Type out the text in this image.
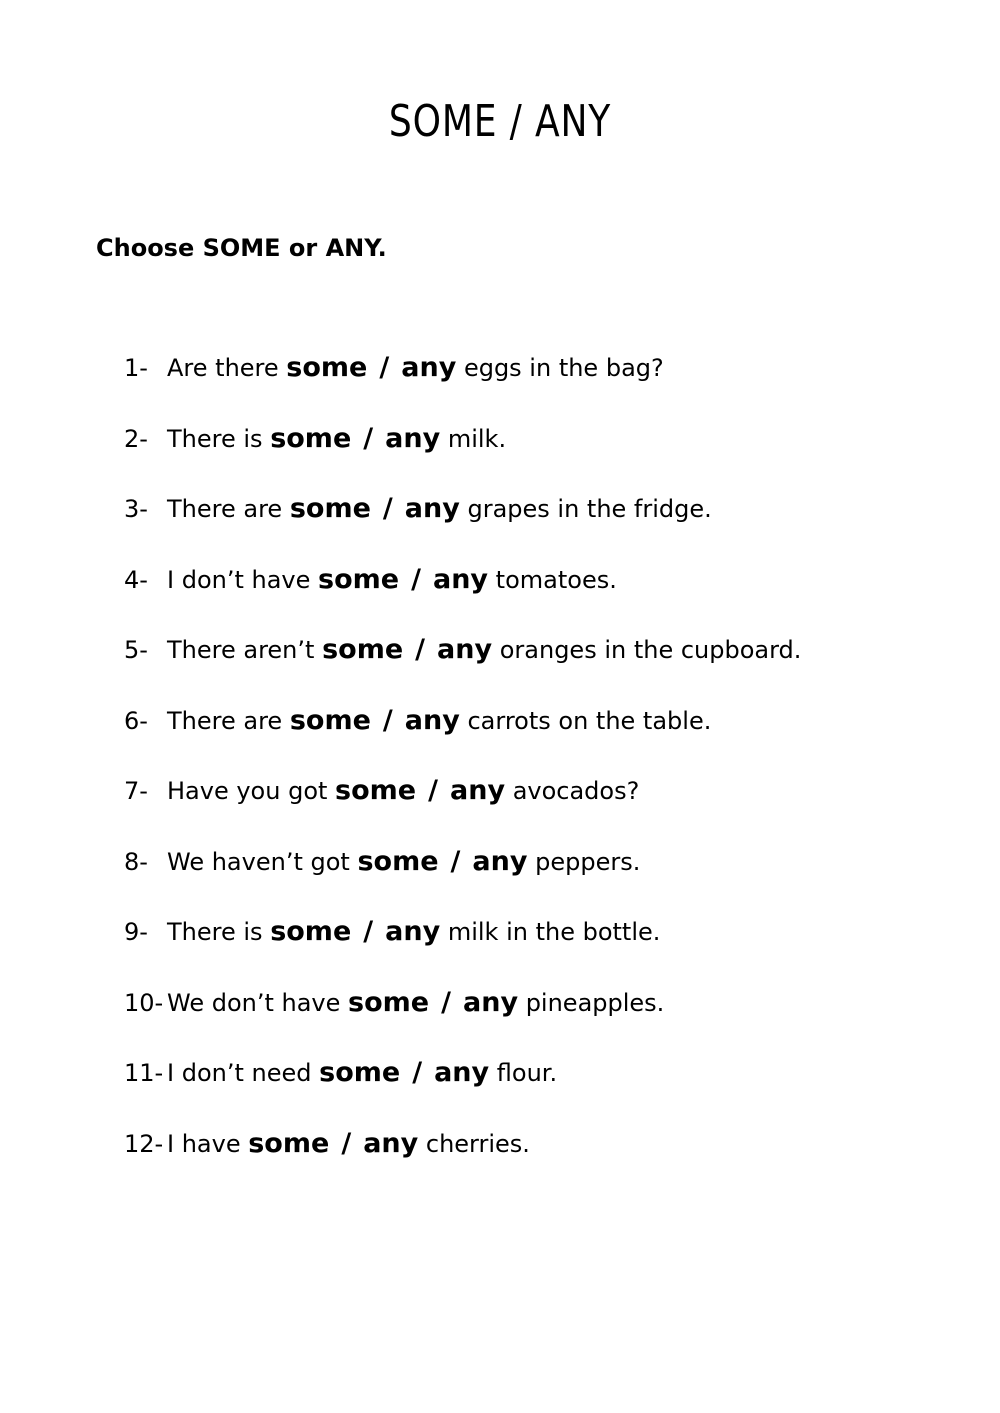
SOME / ANY

Choose SOME or ANY.

1- Are there some / any eggs in the bag?
2- There is some / any milk.
3- There are some / any grapes in the fridge.
4- I don’t have some / any tomatoes.
5- There aren’t some / any oranges in the cupboard.
6- There are some / any carrots on the table.
7- Have you got some / any avocados?
8- We haven’t got some / any peppers.
9- There is some / any milk in the bottle.
10- We don’t have some / any pineapples.
11- I don’t need some / any flour.
12- I have some / any cherries.
